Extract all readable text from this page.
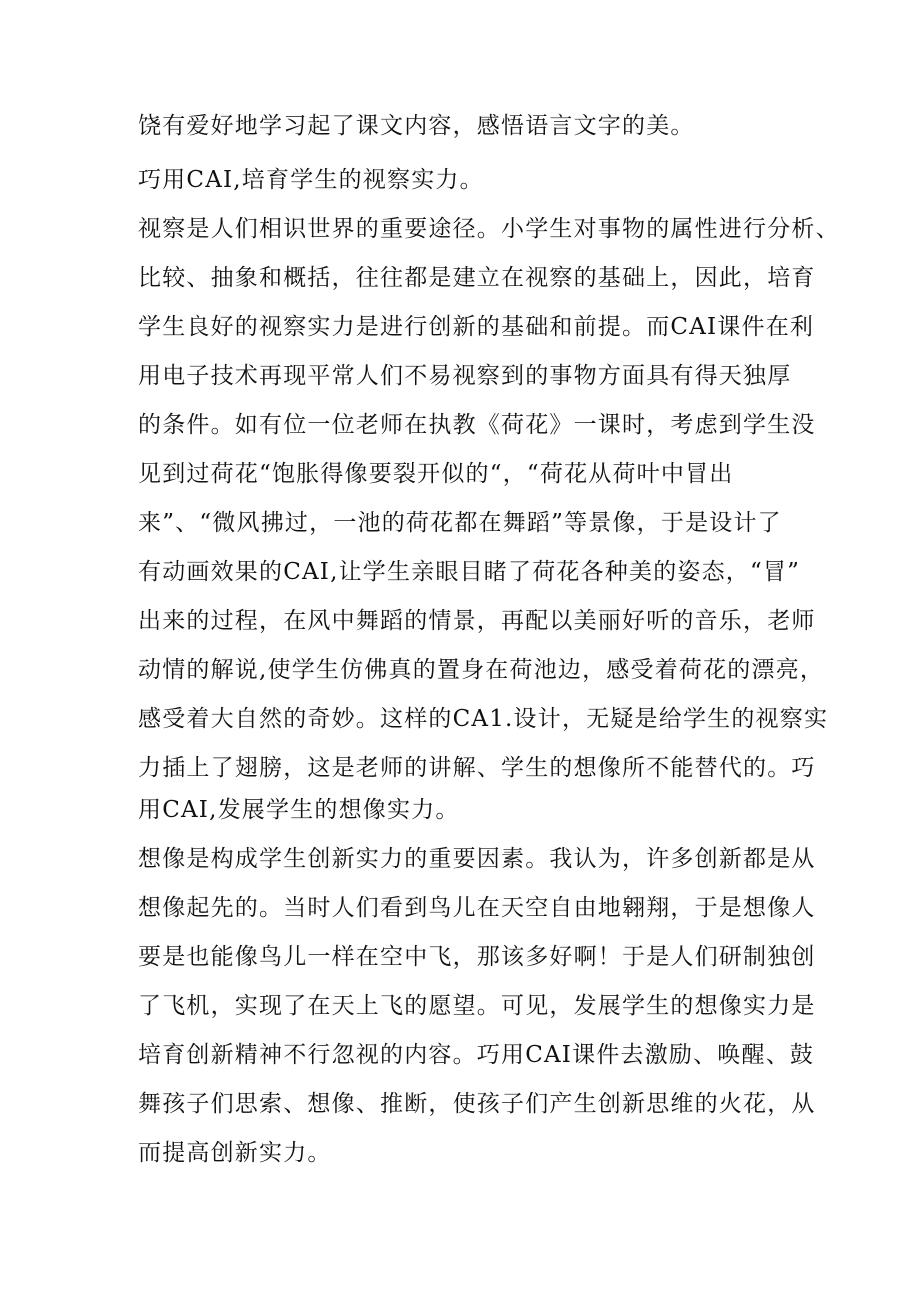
饶有爱好地学习起了课文内容，感悟语言文字的美。
巧用CAI,培育学生的视察实力。
视察是人们相识世界的重要途径。小学生对事物的属性进行分析、
比较、抽象和概括，往往都是建立在视察的基础上，因此，培育
学生良好的视察实力是进行创新的基础和前提。而CAI课件在利
用电子技术再现平常人们不易视察到的事物方面具有得天独厚
的条件。如有位一位老师在执教《荷花》一课时，考虑到学生没
见到过荷花“饱胀得像要裂开似的“，“荷花从荷叶中冒出
来”、“微风拂过，一池的荷花都在舞蹈”等景像，于是设计了
有动画效果的CAI,让学生亲眼目睹了荷花各种美的姿态，“冒”
出来的过程，在风中舞蹈的情景，再配以美丽好听的音乐，老师
动情的解说,使学生仿佛真的置身在荷池边，感受着荷花的漂亮，
感受着大自然的奇妙。这样的CA1.设计，无疑是给学生的视察实
力插上了翅膀，这是老师的讲解、学生的想像所不能替代的。巧
用CAI,发展学生的想像实力。
想像是构成学生创新实力的重要因素。我认为，许多创新都是从
想像起先的。当时人们看到鸟儿在天空自由地翱翔，于是想像人
要是也能像鸟儿一样在空中飞，那该多好啊！于是人们研制独创
了飞机，实现了在天上飞的愿望。可见，发展学生的想像实力是
培育创新精神不行忽视的内容。巧用CAI课件去激励、唤醒、鼓
舞孩子们思索、想像、推断，使孩子们产生创新思维的火花，从
而提高创新实力。
